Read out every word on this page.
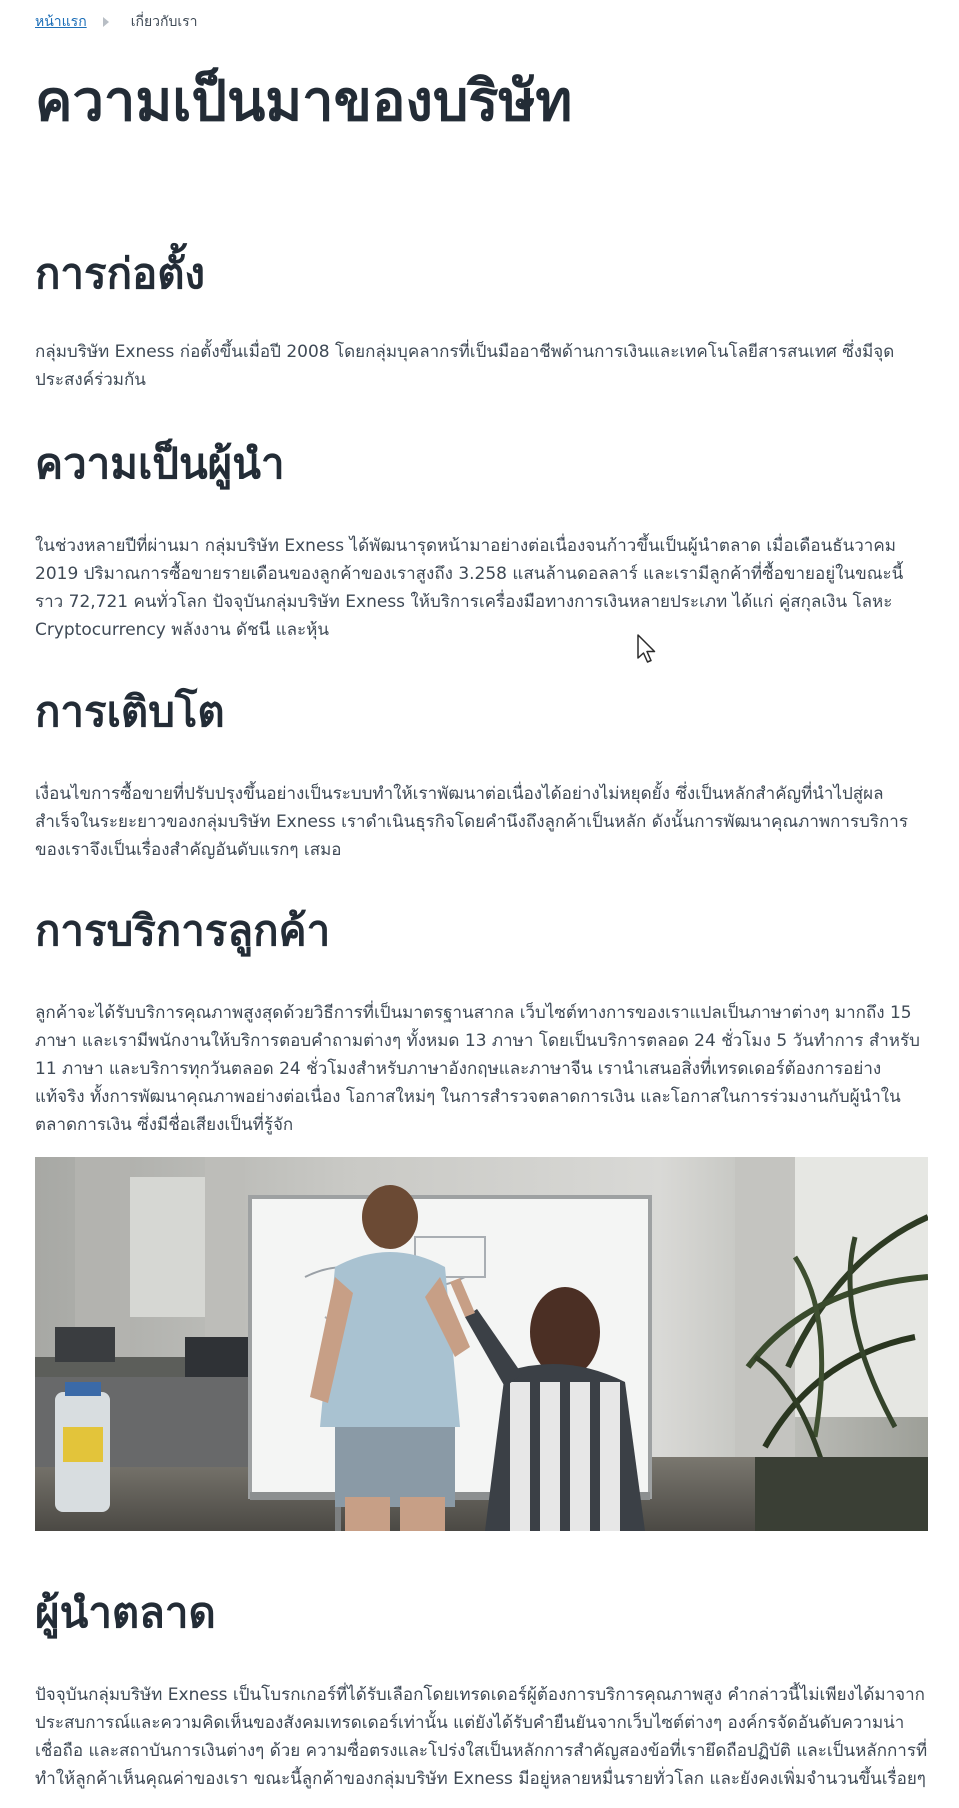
หน้าแรก	เกี่ยวกับเรา
ความเป็นมาของบริษัท
การก่อตั้ง

กลุ่มบริษัท Exness ก่อตั้งขึ้นเมื่อปี 2008 โดยกลุ่มบุคลากรที่เป็นมืออาชีพด้านการเงินและเทคโนโลยีสารสนเทศ ซึ่งมีจุดประสงค์ร่วมกัน

ความเป็นผู้นำ

ในช่วงหลายปีที่ผ่านมา กลุ่มบริษัท Exness ได้พัฒนารุดหน้ามาอย่างต่อเนื่องจนก้าวขึ้นเป็นผู้นำตลาด เมื่อเดือนธันวาคม 2019 ปริมาณการซื้อขายรายเดือนของลูกค้าของเราสูงถึง 3.258 แสนล้านดอลลาร์ และเรามีลูกค้าที่ซื้อขายอยู่ในขณะนี้ราว 72,721 คนทั่วโลก ปัจจุบันกลุ่มบริษัท Exness ให้บริการเครื่องมือทางการเงินหลายประเภท ได้แก่ คู่สกุลเงิน โลหะ Cryptocurrency พลังงาน ดัชนี และหุ้น

การเติบโต

เงื่อนไขการซื้อขายที่ปรับปรุงขึ้นอย่างเป็นระบบทำให้เราพัฒนาต่อเนื่องได้อย่างไม่หยุดยั้ง ซึ่งเป็นหลักสำคัญที่นำไปสู่ผลสำเร็จในระยะยาวของกลุ่มบริษัท Exness เราดำเนินธุรกิจโดยคำนึงถึงลูกค้าเป็นหลัก ดังนั้นการพัฒนาคุณภาพการบริการของเราจึงเป็นเรื่องสำคัญอันดับแรกๆ เสมอ

การบริการลูกค้า

ลูกค้าจะได้รับบริการคุณภาพสูงสุดด้วยวิธีการที่เป็นมาตรฐานสากล เว็บไซต์ทางการของเราแปลเป็นภาษาต่างๆ มากถึง 15 ภาษา และเรามีพนักงานให้บริการตอบคำถามต่างๆ ทั้งหมด 13 ภาษา โดยเป็นบริการตลอด 24 ชั่วโมง 5 วันทำการ สำหรับ 11 ภาษา และบริการทุกวันตลอด 24 ชั่วโมงสำหรับภาษาอังกฤษและภาษาจีน เรานำเสนอสิ่งที่เทรดเดอร์ต้องการอย่างแท้จริง ทั้งการพัฒนาคุณภาพอย่างต่อเนื่อง โอกาสใหม่ๆ ในการสำรวจตลาดการเงิน และโอกาสในการร่วมงานกับผู้นำในตลาดการเงิน ซึ่งมีชื่อเสียงเป็นที่รู้จัก

ผู้นำตลาด

ปัจจุบันกลุ่มบริษัท Exness เป็นโบรกเกอร์ที่ได้รับเลือกโดยเทรดเดอร์ผู้ต้องการบริการคุณภาพสูง คำกล่าวนี้ไม่เพียงได้มาจากประสบการณ์และความคิดเห็นของสังคมเทรดเดอร์เท่านั้น แต่ยังได้รับคำยืนยันจากเว็บไซต์ต่างๆ องค์กรจัดอันดับความน่าเชื่อถือ และสถาบันการเงินต่างๆ ด้วย ความซื่อตรงและโปร่งใสเป็นหลักการสำคัญสองข้อที่เรายึดถือปฏิบัติ และเป็นหลักการที่ทำให้ลูกค้าเห็นคุณค่าของเรา ขณะนี้ลูกค้าของกลุ่มบริษัท Exness มีอยู่หลายหมื่นรายทั่วโลก และยังคงเพิ่มจำนวนขึ้นเรื่อยๆ
